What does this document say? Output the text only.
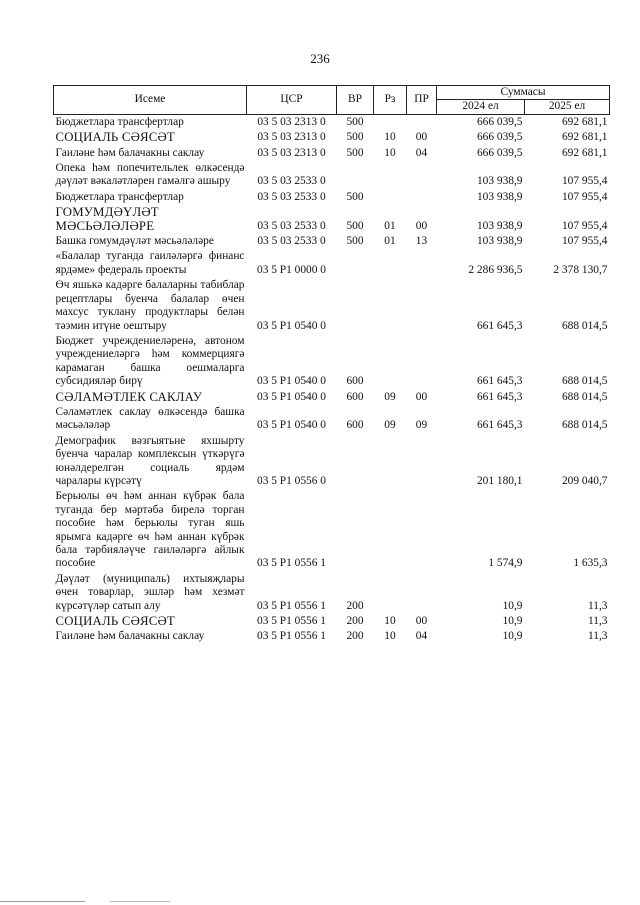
236
Исеме	ЦСР	ВР	Рз	ПР	Суммасы	
					2024 ел	2025 ел
Бюджетлара трансфертлар	03 5 03 2313 0	500			666 039,5	692 681,1
СОЦИАЛЬ СӘЯСӘТ	03 5 03 2313 0	500	10	00	666 039,5	692 681,1
Гаиләне һәм балачакны саклау	03 5 03 2313 0	500	10	04	666 039,5	692 681,1
Опека һәм попечительлек өлкәсендә дәүләт вәкаләтләрен гамәлгә ашыру	03 5 03 2533 0				103 938,9	107 955,4
Бюджетлара трансфертлар	03 5 03 2533 0	500			103 938,9	107 955,4
ГОМУМДӘҮЛӘТ МӘСЬӘЛӘЛӘРЕ	03 5 03 2533 0	500	01	00	103 938,9	107 955,4
Башка гомумдәүләт мәсьәләләре	03 5 03 2533 0	500	01	13	103 938,9	107 955,4
«Балалар туганда гаиләләргә финанс ярдәме» федераль проекты	03 5 P1 0000 0				2 286 936,5	2 378 130,7
Өч яшькә кадәрге балаларны табиблар рецептлары буенча балалар өчен махсус туклану продуктлары белән тәэмин итүне оештыру	03 5 P1 0540 0				661 645,3	688 014,5
Бюджет учреждениеләренә, автоном учреждениеләргә һәм коммерциягә карамаган башка оешмаларга субсидияләр бирү	03 5 P1 0540 0	600			661 645,3	688 014,5
СӘЛАМӘТЛЕК САКЛАУ	03 5 P1 0540 0	600	09	00	661 645,3	688 014,5
Сәламәтлек саклау өлкәсендә башка мәсьәләләр	03 5 P1 0540 0	600	09	09	661 645,3	688 014,5
Демографик вәзгыятьне яхшырту буенча чаралар комплексын үткәрүгә юнәлдерелгән социаль ярдәм чаралары күрсәтү	03 5 P1 0556 0				201 180,1	209 040,7
Берьюлы өч һәм аннан күбрәк бала туганда бер мәртәбә бирелә торган пособие һәм берьюлы туган яшь ярымга кадәрге өч һәм аннан күбрәк бала тәрбияләүче гаиләләргә айлык пособие	03 5 P1 0556 1				1 574,9	1 635,3
Дәүләт (муниципаль) ихтыяҗлары өчен товарлар, эшләр һәм хезмәт күрсәтүләр сатып алу	03 5 P1 0556 1	200			10,9	11,3
СОЦИАЛЬ СӘЯСӘТ	03 5 P1 0556 1	200	10	00	10,9	11,3
Гаиләне һәм балачакны саклау	03 5 P1 0556 1	200	10	04	10,9	11,3
